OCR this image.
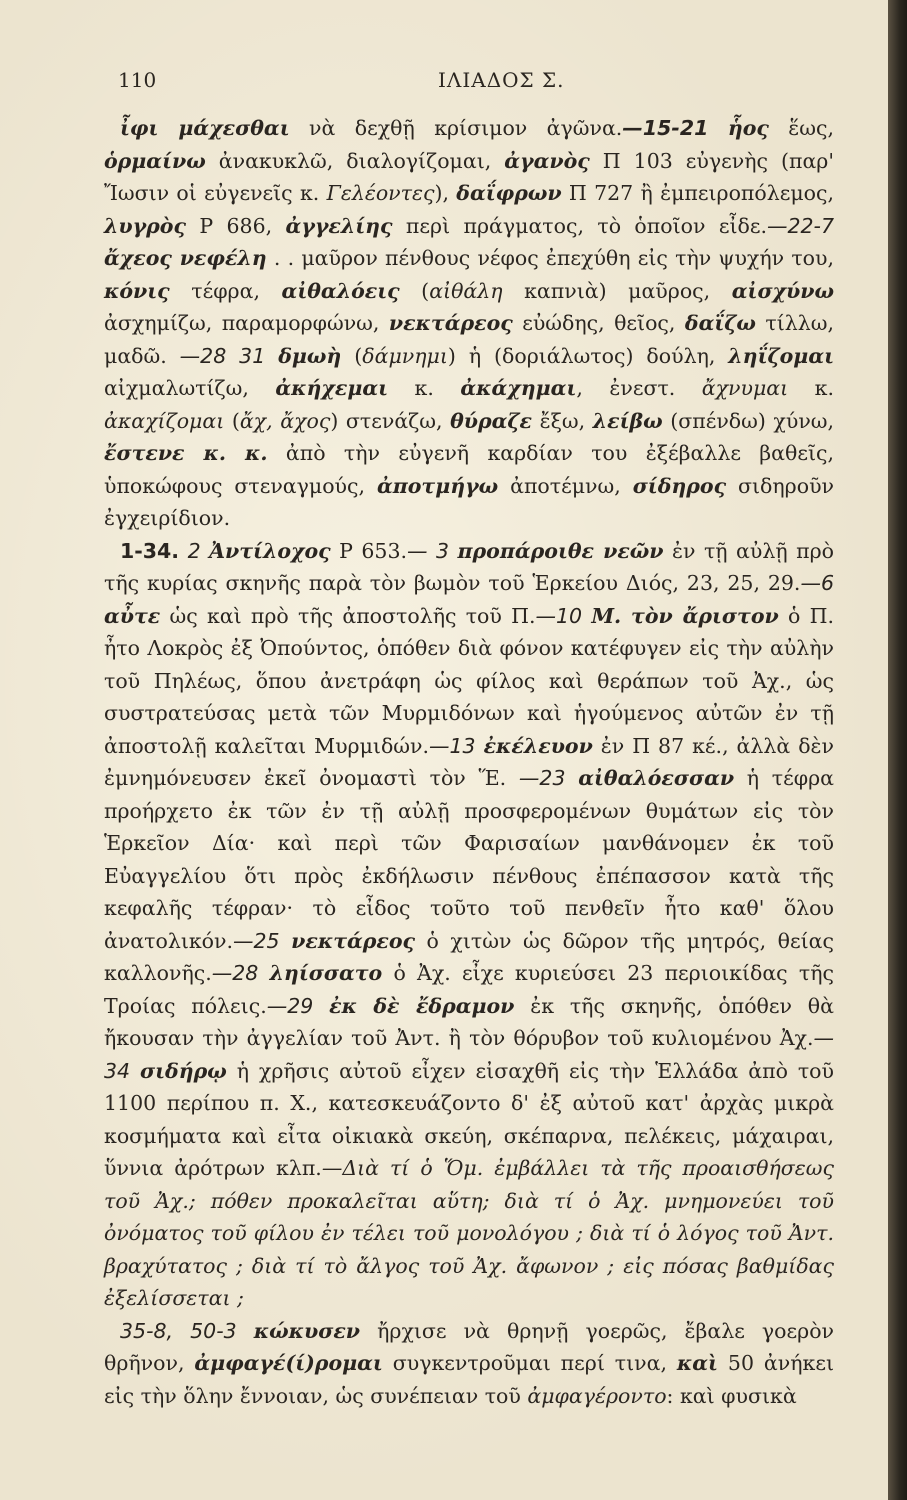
110	ΙΛΙΑΔΟΣ Σ.

ἶφι μάχεσθαι νὰ δεχθῇ κρίσιμον ἀγῶνα.—15-21 ἧος ἕως, ὁρμαίνω ἀνακυκλῶ, διαλογίζομαι, ἀγανὸς Π 103 εὐγενὴς (παρ' Ἴωσιν οἱ εὐγενεῖς κ. Γελέοντες), δαΐφρων Π 727 ἢ ἐμπειροπόλεμος, λυγρὸς Ρ 686, ἀγγελίης περὶ πράγματος, τὸ ὁποῖον εἶδε.—22-7 ἄχεος νεφέλη . . μαῦρον πένθους νέφος ἐπεχύθη εἰς τὴν ψυχήν του, κόνις τέφρα, αἰθαλόεις (αἰθάλη καπνιὰ) μαῦρος, αἰσχύνω ἀσχημίζω, παραμορφώνω, νεκτάρεος εὐώδης, θεῖος, δαΐζω τίλλω, μαδῶ. —28 31 δμωὴ (δάμνημι) ἡ (δοριάλωτος) δούλη, ληΐζομαι αἰχμαλωτίζω, ἀκήχεμαι κ. ἀκάχημαι, ἐνεστ. ἄχνυμαι κ. ἀκαχίζομαι (ἄχ, ἄχος) στενάζω, θύραζε ἔξω, λείβω (σπένδω) χύνω, ἔστενε κ. κ. ἀπὸ τὴν εὐγενῆ καρδίαν του ἐξέβαλλε βαθεῖς, ὑποκώφους στεναγμούς, ἀποτμήγω ἀποτέμνω, σίδηρος σιδηροῦν ἐγχειρίδιον.

1-34. 2 Ἀντίλοχος Ρ 653.— 3 προπάροιθε νεῶν ἐν τῇ αὐλῇ πρὸ τῆς κυρίας σκηνῆς παρὰ τὸν βωμὸν τοῦ Ἑρκείου Διός, 23, 25, 29.—6 αὖτε ὡς καὶ πρὸ τῆς ἀποστολῆς τοῦ Π.—10 Μ. τὸν ἄριστον ὁ Π. ἦτο Λοκρὸς ἐξ Ὀπούντος, ὁπόθεν διὰ φόνον κατέφυγεν εἰς τὴν αὐλὴν τοῦ Πηλέως, ὅπου ἀνετράφη ὡς φίλος καὶ θεράπων τοῦ Ἀχ., ὡς συστρατεύσας μετὰ τῶν Μυρμιδόνων καὶ ἡγούμενος αὐτῶν ἐν τῇ ἀποστολῇ καλεῖται Μυρμιδών.—13 ἐκέλευον ἐν Π 87 κέ., ἀλλὰ δὲν ἐμνημόνευσεν ἐκεῖ ὀνομαστὶ τὸν Ἕ. —23 αἰθαλόεσσαν ἡ τέφρα προήρχετο ἐκ τῶν ἐν τῇ αὐλῇ προσφερομένων θυμάτων εἰς τὸν Ἑρκεῖον Δία· καὶ περὶ τῶν Φαρισαίων μανθάνομεν ἐκ τοῦ Εὐαγγελίου ὅτι πρὸς ἐκδήλωσιν πένθους ἐπέπασσον κατὰ τῆς κεφαλῆς τέφραν· τὸ εἶδος τοῦτο τοῦ πενθεῖν ἦτο καθ' ὅλου ἀνατολικόν.—25 νεκτάρεος ὁ χιτὼν ὡς δῶρον τῆς μητρός, θείας καλλονῆς.—28 ληίσσατο ὁ Ἀχ. εἶχε κυριεύσει 23 περιοικίδας τῆς Τροίας πόλεις.—29 ἐκ δὲ ἔδραμον ἐκ τῆς σκηνῆς, ὁπόθεν θὰ ἤκουσαν τὴν ἀγγελίαν τοῦ Ἀντ. ἢ τὸν θόρυβον τοῦ κυλιομένου Ἀχ.—34 σιδήρῳ ἡ χρῆσις αὐτοῦ εἶχεν εἰσαχθῆ εἰς τὴν Ἑλλάδα ἀπὸ τοῦ 1100 περίπου π. Χ., κατεσκευάζοντο δ' ἐξ αὐτοῦ κατ' ἀρχὰς μικρὰ κοσμήματα καὶ εἶτα οἰκιακὰ σκεύη, σκέπαρνα, πελέκεις, μάχαιραι, ὕννια ἀρότρων κλπ.—Διὰ τί ὁ Ὅμ. ἐμβάλλει τὰ τῆς προαισθήσεως τοῦ Ἀχ.; πόθεν προκαλεῖται αὕτη; διὰ τί ὁ Ἀχ. μνημονεύει τοῦ ὀνόματος τοῦ φίλου ἐν τέλει τοῦ μονολόγου ; διὰ τί ὁ λόγος τοῦ Ἀντ. βραχύτατος ; διὰ τί τὸ ἄλγος τοῦ Ἀχ. ἄφωνον ; εἰς πόσας βαθμίδας ἐξελίσσεται ;

35-8, 50-3 κώκυσεν ἤρχισε νὰ θρηνῇ γοερῶς, ἔβαλε γοερὸν θρῆνον, ἀμφαγέ(ί)ρομαι συγκεντροῦμαι περί τινα, καὶ 50 ἀνήκει εἰς τὴν ὅλην ἔννοιαν, ὡς συνέπειαν τοῦ ἀμφαγέροντο: καὶ φυσικὰ
